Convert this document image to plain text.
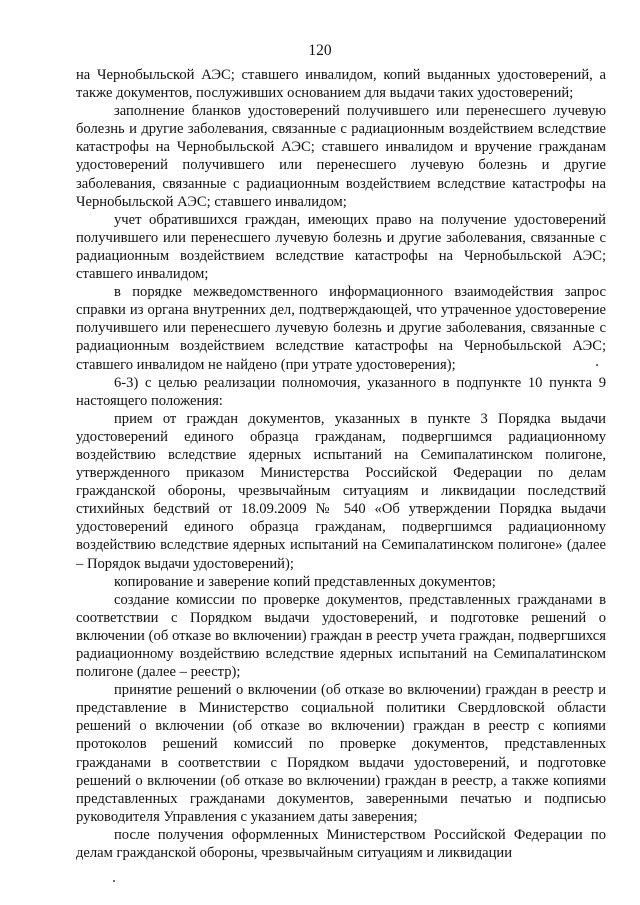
120

на Чернобыльской АЭС; ставшего инвалидом, копий выданных удостоверений, а также документов, послуживших основанием для выдачи таких удостоверений;

заполнение бланков удостоверений получившего или перенесшего лучевую болезнь и другие заболевания, связанные с радиационным воздействием вследствие катастрофы на Чернобыльской АЭС; ставшего инвалидом и вручение гражданам удостоверений получившего или перенесшего лучевую болезнь и другие заболевания, связанные с радиационным воздействием вследствие катастрофы на Чернобыльской АЭС; ставшего инвалидом;

учет обратившихся граждан, имеющих право на получение удостоверений получившего или перенесшего лучевую болезнь и другие заболевания, связанные с радиационным воздействием вследствие катастрофы на Чернобыльской АЭС; ставшего инвалидом;

в порядке межведомственного информационного взаимодействия запрос справки из органа внутренних дел, подтверждающей, что утраченное удостоверение получившего или перенесшего лучевую болезнь и другие заболевания, связанные с радиационным воздействием вследствие катастрофы на Чернобыльской АЭС; ставшего инвалидом не найдено (при утрате удостоверения);

6-3) с целью реализации полномочия, указанного в подпункте 10 пункта 9 настоящего положения:

прием от граждан документов, указанных в пункте 3 Порядка выдачи удостоверений единого образца гражданам, подвергшимся радиационному воздействию вследствие ядерных испытаний на Семипалатинском полигоне, утвержденного приказом Министерства Российской Федерации по делам гражданской обороны, чрезвычайным ситуациям и ликвидации последствий стихийных бедствий от 18.09.2009 № 540 «Об утверждении Порядка выдачи удостоверений единого образца гражданам, подвергшимся радиационному воздействию вследствие ядерных испытаний на Семипалатинском полигоне» (далее – Порядок выдачи удостоверений);

копирование и заверение копий представленных документов;

создание комиссии по проверке документов, представленных гражданами в соответствии с Порядком выдачи удостоверений, и подготовке решений о включении (об отказе во включении) граждан в реестр учета граждан, подвергшихся радиационному воздействию вследствие ядерных испытаний на Семипалатинском полигоне (далее – реестр);

принятие решений о включении (об отказе во включении) граждан в реестр и представление в Министерство социальной политики Свердловской области решений о включении (об отказе во включении) граждан в реестр с копиями протоколов решений комиссий по проверке документов, представленных гражданами в соответствии с Порядком выдачи удостоверений, и подготовке решений о включении (об отказе во включении) граждан в реестр, а также копиями представленных гражданами документов, заверенными печатью и подписью руководителя Управления с указанием даты заверения;

после получения оформленных Министерством Российской Федерации по делам гражданской обороны, чрезвычайным ситуациям и ликвидации
